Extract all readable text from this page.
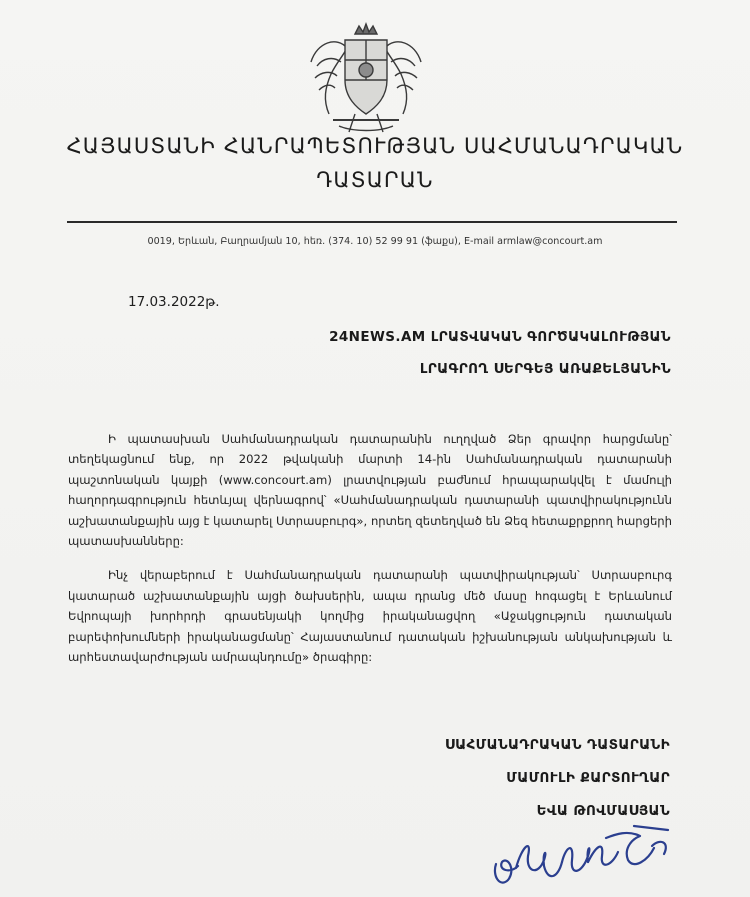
ՀԱՅԱՍՏԱՆԻ ՀԱՆՐԱՊԵՏՈՒԹՅԱՆ ՍԱՀՄԱՆԱԴՐԱԿԱՆ
ԴԱՏԱՐԱՆ
0019, Երևան, Բաղրամյան 10, հեռ. (374. 10) 52 99 91 (ֆաքս), E-mail armlaw@concourt.am
17.03.2022թ.
24NEWS.AM ԼՐԱՏՎԱԿԱՆ ԳՈՐԾԱԿԱԼՈՒԹՅԱՆ
ԼՐԱԳՐՈՂ ՍԵՐԳԵՅ ԱՌԱՔԵԼՅԱՆԻՆ

Ի պատասխան Սահմանադրական դատարանին ուղղված Ձեր գրավոր հարցմանը՝ տեղեկացնում ենք, որ 2022 թվականի մարտի 14-ին Սահմանադրական դատարանի պաշտոնական կայքի (www.concourt.am) լրատվության բաժնում հրապարակվել է մամուլի հաղորդագրություն հետևյալ վերնագրով՝ «Սահմանադրական դատարանի պատվիրակությունն աշխատանքային այց է կատարել Ստրասբուրգ», որտեղ զետեղված են Ձեզ հետաքրքրող հարցերի պատասխանները:

Ինչ վերաբերում է Սահմանադրական դատարանի պատվիրակության՝ Ստրասբուրգ կատարած աշխատանքային այցի ծախսերին, ապա դրանց մեծ մասը հոգացել է Երևանում Եվրոպայի խորհրդի գրասենյակի կողմից իրականացվող «Աջակցություն դատական բարեփոխումների իրականացմանը՝ Հայաստանում դատական իշխանության անկախության և արհեստավարժության ամրապնդումը» ծրագիրը:

ՍԱՀՄԱՆԱԴՐԱԿԱՆ ԴԱՏԱՐԱՆԻ
ՄԱՄՈՒԼԻ ՔԱՐՏՈՒՂԱՐ
ԵՎԱ ԹՈՎՄԱՍՅԱՆ
